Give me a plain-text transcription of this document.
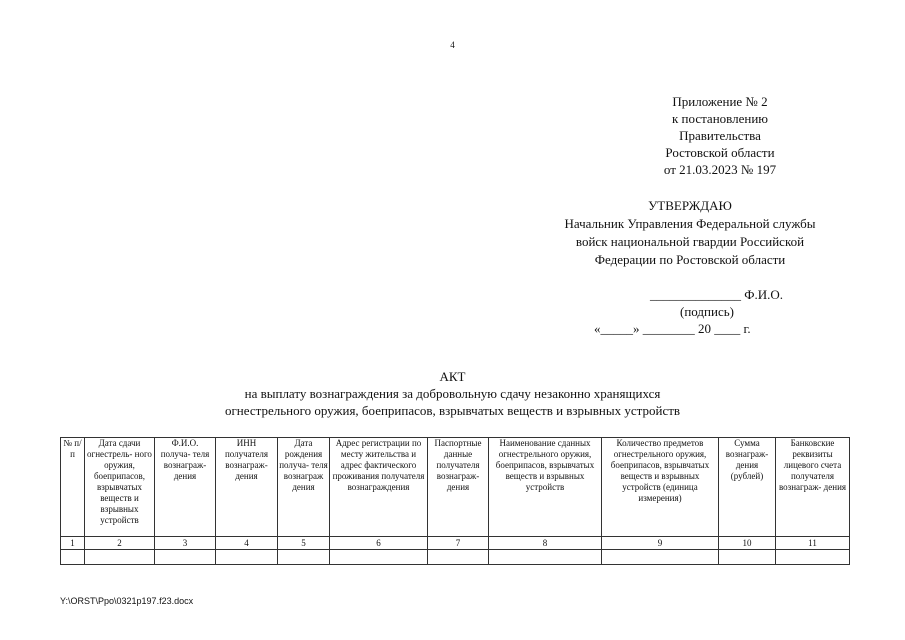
4
Приложение № 2
к постановлению
Правительства
Ростовской области
от 21.03.2023 № 197
УТВЕРЖДАЮ
Начальник Управления Федеральной службы
войск национальной гвардии Российской
Федерации по Ростовской области
______________ Ф.И.О.
(подпись)
«_____» ________ 20 ____ г.
АКТ
на выплату вознаграждения за добровольную сдачу незаконно хранящихся
огнестрельного оружия, боеприпасов, взрывчатых веществ и взрывных устройств
№ п/п	Дата сдачи огнестрель- ного оружия, боеприпасов, взрывчатых веществ и взрывных устройств	Ф.И.О. получа- теля вознаграж- дения	ИНН получателя вознаграж- дения	Дата рождения получа- теля вознаграж дения	Адрес регистрации по месту жительства и адрес фактического проживания получателя вознаграждения	Паспортные данные получателя вознаграж- дения	Наименование сданных огнестрельного оружия, боеприпасов, взрывчатых веществ и взрывных устройств	Количество предметов огнестрельного оружия, боеприпасов, взрывчатых веществ и взрывных устройств (единица измерения)	Сумма вознаграж- дения (рублей)	Банковские реквизиты лицевого счета получателя вознаграж- дения
1	2	3	4	5	6	7	8	9	10	11

Y:\ORST\Ppo\0321p197.f23.docx
